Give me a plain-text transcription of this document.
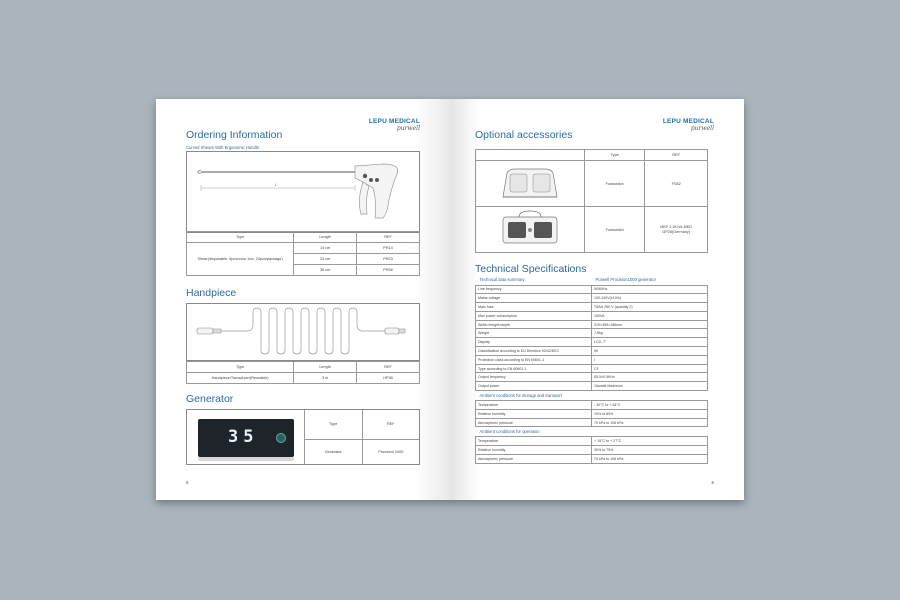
LEPU MEDICAL
purwell
Ordering Information
Curved Shears With Ergonomic Handle
L
Type	Length	REF
Shear(disposable, 6pcs/color box, 24pcs/package)	14 cm	PR14
	23 cm	PR23
	36 cm	PR36
Handpiece
Type	Length	REF
Handpiece/Transducer(Reusable)	3 m	HP38
Generator
35
Type	REF
Generator	Procision 1000
5
LEPU MEDICAL
purwell
Optional accessories
	Type	REF
	Footswitch	FS82
	Footswitch	MKF 2-DU16-MED GP26(Germany)
Technical Specifications
Technical data summary	Purwell Procision1000 generator
Line frequency	50/60Hz
Mains voltage	100-240V(±10%)
Main fuse	T5AH 250 V (quantity 2)
Max power consumption	150VA
Width×height×depth	310×355×186mm
Weight	7.6kg
Display	LCD, 7"
Classification according to EU Directive 93/42/EEC	IIb
Protection class according to EN 60601-1	I
Type according to EN 60601-1	CF
Output frequency	55.5±0.5KHz
Output power	15watts Maximum
Ambient conditions for storage and transport	
Temperature	- 30°C to + 54°C
Relative humidity	10% to 80%
Atmospheric pressure	70 kPa to 106 kPa
Ambient conditions for operation	
Temperature	+ 15°C to + 27°C
Relative humidity	30% to 75%
Atmospheric pressure	70 kPa to 106 kPa
6
